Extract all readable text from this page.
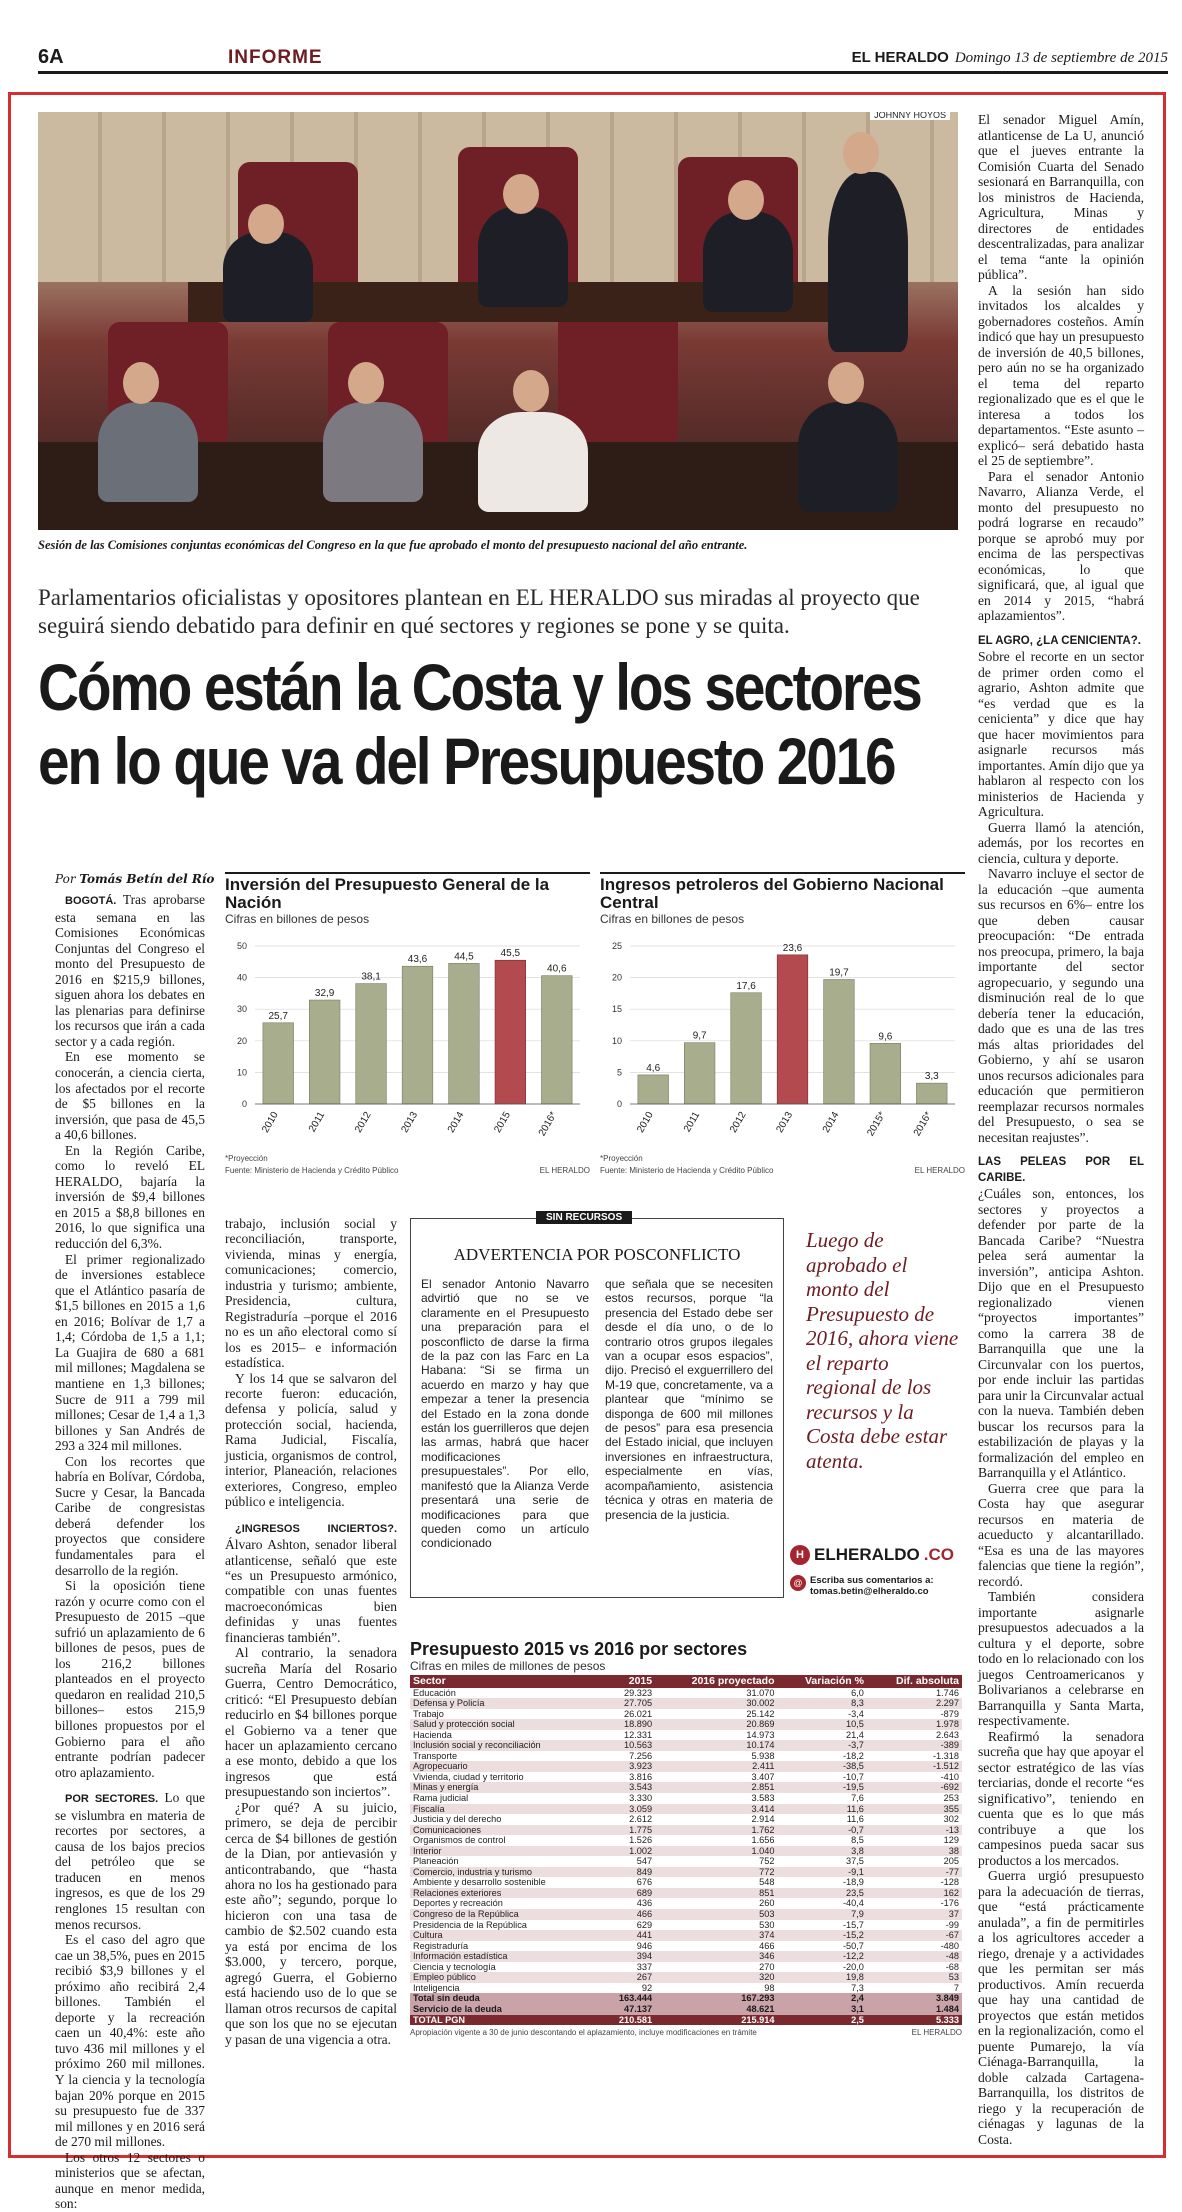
6A	INFORME	EL HERALDO Domingo 13 de septiembre de 2015
JOHNNY HOYOS
Sesión de las Comisiones conjuntas económicas del Congreso en la que fue aprobado el monto del presupuesto nacional del año entrante.
Parlamentarios oficialistas y opositores plantean en EL HERALDO sus miradas al proyecto que seguirá siendo debatido para definir en qué sectores y regiones se pone y se quita.
Cómo están la Costa y los sectores
en lo que va del Presupuesto 2016
Por Tomás Betín del Río

BOGOTÁ. Tras aprobarse esta semana en las Comisiones Económicas Conjuntas del Congreso el monto del Presupuesto de 2016 en $215,9 billones, siguen ahora los debates en las plenarias para definirse los recursos que irán a cada sector y a cada región.

En ese momento se conocerán, a ciencia cierta, los afectados por el recorte de $5 billones en la inversión, que pasa de 45,5 a 40,6 billones.

En la Región Caribe, como lo reveló EL HERALDO, bajaría la inversión de $9,4 billones en 2015 a $8,8 billones en 2016, lo que significa una reducción del 6,3%.

El primer regionalizado de inversiones establece que el Atlántico pasaría de $1,5 billones en 2015 a 1,6 en 2016; Bolívar de 1,7 a 1,4; Córdoba de 1,5 a 1,1; La Guajira de 680 a 681 mil millones; Magdalena se mantiene en 1,3 billones; Sucre de 911 a 799 mil millones; Cesar de 1,4 a 1,3 billones y San Andrés de 293 a 324 mil millones.

Con los recortes que habría en Bolívar, Córdoba, Sucre y Cesar, la Bancada Caribe de congresistas deberá defender los proyectos que considere fundamentales para el desarrollo de la región.

Si la oposición tiene razón y ocurre como con el Presupuesto de 2015 –que sufrió un aplazamiento de 6 billones de pesos, pues de los 216,2 billones planteados en el proyecto quedaron en realidad 210,5 billones– estos 215,9 billones propuestos por el Gobierno para el año entrante podrían padecer otro aplazamiento.

POR SECTORES. Lo que se vislumbra en materia de recortes por sectores, a causa de los bajos precios del petróleo que se traducen en menos ingresos, es que de los 29 renglones 15 resultan con menos recursos.

Es el caso del agro que cae un 38,5%, pues en 2015 recibió $3,9 billones y el próximo año recibirá 2,4 billones. También el deporte y la recreación caen un 40,4%: este año tuvo 436 mil millones y el próximo 260 mil millones. Y la ciencia y la tecnología bajan 20% porque en 2015 su presupuesto fue de 337 mil millones y en 2016 será de 270 mil millones.

Los otros 12 sectores o ministerios que se afectan, aunque en menor medida, son:

Inversión del Presupuesto General de la Nación
Cifras en billones de pesos
0
10
20
30
40
50
25,7
2010
32,9
2011
38,1
2012
43,6
2013
44,5
2014
45,5
2015
40,6
2016*
*Proyección
Fuente: Ministerio de Hacienda y Crédito Público	EL HERALDO
Ingresos petroleros del Gobierno Nacional Central
Cifras en billones de pesos
0
5
10
15
20
25
4,6
2010
9,7
2011
17,6
2012
23,6
2013
19,7
2014
9,6
2015*
3,3
2016*
*Proyección
Fuente: Ministerio de Hacienda y Crédito Público	EL HERALDO

trabajo, inclusión social y reconciliación, transporte, vivienda, minas y energía, comunicaciones; comercio, industria y turismo; ambiente, Presidencia, cultura, Registraduría –porque el 2016 no es un año electoral como sí los es 2015– e información estadística.

Y los 14 que se salvaron del recorte fueron: educación, defensa y policía, salud y protección social, hacienda, Rama Judicial, Fiscalía, justicia, organismos de control, interior, Planeación, relaciones exteriores, Congreso, empleo público e inteligencia.

¿INGRESOS INCIERTOS?. Álvaro Ashton, senador liberal atlanticense, señaló que este “es un Presupuesto armónico, compatible con unas fuentes macroeconómicas bien definidas y unas fuentes financieras también”.

Al contrario, la senadora sucreña María del Rosario Guerra, Centro Democrático, criticó: “El Presupuesto debían reducirlo en $4 billones porque el Gobierno va a tener que hacer un aplazamiento cercano a ese monto, debido a que los ingresos que está presupuestando son inciertos”.

¿Por qué? A su juicio, primero, se deja de percibir cerca de $4 billones de gestión de la Dian, por antievasión y anticontrabando, que “hasta ahora no los ha gestionado para este año”; segundo, porque lo hicieron con una tasa de cambio de $2.502 cuando esta ya está por encima de los $3.000, y tercero, porque, agregó Guerra, el Gobierno está haciendo uso de lo que se llaman otros recursos de capital que son los que no se ejecutan y pasan de una vigencia a otra.

SIN RECURSOS
ADVERTENCIA POR POSCONFLICTO
El senador Antonio Navarro advirtió que no se ve claramente en el Presupuesto una preparación para el posconflicto de darse la firma de la paz con las Farc en La Habana: “Si se firma un acuerdo en marzo y hay que empezar a tener la presencia del Estado en la zona donde están los guerrilleros que dejen las armas, habrá que hacer modificaciones presupuestales”. Por ello, manifestó que la Alianza Verde presentará una serie de modificaciones para que queden como un artículo condicionado
que señala que se necesiten estos recursos, porque “la presencia del Estado debe ser desde el día uno, o de lo contrario otros grupos ilegales van a ocupar esos espacios”, dijo. Precisó el exguerrillero del M-19 que, concretamente, va a plantear que “mínimo se disponga de 600 mil millones de pesos” para esa presencia del Estado inicial, que incluyen inversiones en infraestructura, especialmente en vías, acompañamiento, asistencia técnica y otras en materia de presencia de la justicia.
Luego de aprobado el monto del Presupuesto de 2016, ahora viene el reparto regional de los recursos y la Costa debe estar atenta.
H ELHERALDO .CO
@ Escriba sus comentarios a:
tomas.betin@elheraldo.co
Presupuesto 2015 vs 2016 por sectores
Cifras en miles de millones de pesos
Sector	2015	2016 proyectado	Variación %	Dif. absoluta
Educación	29.323	31.070	6,0	1.746
Defensa y Policía	27.705	30.002	8,3	2.297
Trabajo	26.021	25.142	-3,4	-879
Salud y protección social	18.890	20.869	10,5	1.978
Hacienda	12.331	14.973	21,4	2.643
Inclusión social y reconciliación	10.563	10.174	-3,7	-389
Transporte	7.256	5.938	-18,2	-1.318
Agropecuario	3.923	2.411	-38,5	-1.512
Vivienda, ciudad y territorio	3.816	3.407	-10,7	-410
Minas y energía	3.543	2.851	-19,5	-692
Rama judicial	3.330	3.583	7,6	253
Fiscalía	3.059	3.414	11,6	355
Justicia y del derecho	2.612	2.914	11,6	302
Comunicaciones	1.775	1.762	-0,7	-13
Organismos de control	1.526	1.656	8,5	129
Interior	1.002	1.040	3,8	38
Planeación	547	752	37,5	205
Comercio, industria y turismo	849	772	-9,1	-77
Ambiente y desarrollo sostenible	676	548	-18,9	-128
Relaciones exteriores	689	851	23,5	162
Deportes y recreación	436	260	-40,4	-176
Congreso de la República	466	503	7,9	37
Presidencia de la República	629	530	-15,7	-99
Cultura	441	374	-15,2	-67
Registraduría	946	466	-50,7	-480
Información estadística	394	346	-12,2	-48
Ciencia y tecnología	337	270	-20,0	-68
Empleo público	267	320	19,8	53
Inteligencia	92	98	7,3	7
Total sin deuda	163.444	167.293	2,4	3.849
Servicio de la deuda	47.137	48.621	3,1	1.484
TOTAL PGN	210.581	215.914	2,5	5.333
Apropiación vigente a 30 de junio descontando el aplazamiento, incluye modificaciones en trámite	EL HERALDO

El senador Miguel Amín, atlanticense de La U, anunció que el jueves entrante la Comisión Cuarta del Senado sesionará en Barranquilla, con los ministros de Hacienda, Agricultura, Minas y directores de entidades descentralizadas, para analizar el tema “ante la opinión pública”.

A la sesión han sido invitados los alcaldes y gobernadores costeños. Amín indicó que hay un presupuesto de inversión de 40,5 billones, pero aún no se ha organizado el tema del reparto regionalizado que es el que le interesa a todos los departamentos. “Este asunto –explicó– será debatido hasta el 25 de septiembre”.

Para el senador Antonio Navarro, Alianza Verde, el monto del presupuesto no podrá lograrse en recaudo” porque se aprobó muy por encima de las perspectivas económicas, lo que significará, que, al igual que en 2014 y 2015, “habrá aplazamientos”.

EL AGRO, ¿LA CENICIENTA?.

Sobre el recorte en un sector de primer orden como el agrario, Ashton admite que “es verdad que es la cenicienta” y dice que hay que hacer movimientos para asignarle recursos más importantes. Amín dijo que ya hablaron al respecto con los ministerios de Hacienda y Agricultura.

Guerra llamó la atención, además, por los recortes en ciencia, cultura y deporte.

Navarro incluye el sector de la educación –que aumenta sus recursos en 6%– entre los que deben causar preocupación: “De entrada nos preocupa, primero, la baja importante del sector agropecuario, y segundo una disminución real de lo que debería tener la educación, dado que es una de las tres más altas prioridades del Gobierno, y ahí se usaron unos recursos adicionales para educación que permitieron reemplazar recursos normales del Presupuesto, o sea se necesitan reajustes”.

LAS PELEAS POR EL CARIBE.

¿Cuáles son, entonces, los sectores y proyectos a defender por parte de la Bancada Caribe? “Nuestra pelea será aumentar la inversión”, anticipa Ashton. Dijo que en el Presupuesto regionalizado vienen “proyectos importantes” como la carrera 38 de Barranquilla que une la Circunvalar con los puertos, por ende incluir las partidas para unir la Circunvalar actual con la nueva. También deben buscar los recursos para la estabilización de playas y la formalización del empleo en Barranquilla y el Atlántico.

Guerra cree que para la Costa hay que asegurar recursos en materia de acueducto y alcantarillado. “Esa es una de las mayores falencias que tiene la región”, recordó.

También considera importante asignarle presupuestos adecuados a la cultura y el deporte, sobre todo en lo relacionado con los juegos Centroamericanos y Bolivarianos a celebrarse en Barranquilla y Santa Marta, respectivamente.

Reafirmó la senadora sucreña que hay que apoyar el sector estratégico de las vías terciarias, donde el recorte “es significativo”, teniendo en cuenta que es lo que más contribuye a que los campesinos pueda sacar sus productos a los mercados.

Guerra urgió presupuesto para la adecuación de tierras, que “está prácticamente anulada”, a fin de permitirles a los agricultores acceder a riego, drenaje y a actividades que les permitan ser más productivos. Amín recuerda que hay una cantidad de proyectos que están metidos en la regionalización, como el puente Pumarejo, la vía Ciénaga-Barranquilla, la doble calzada Cartagena-Barranquilla, los distritos de riego y la recuperación de ciénagas y lagunas de la Costa.
